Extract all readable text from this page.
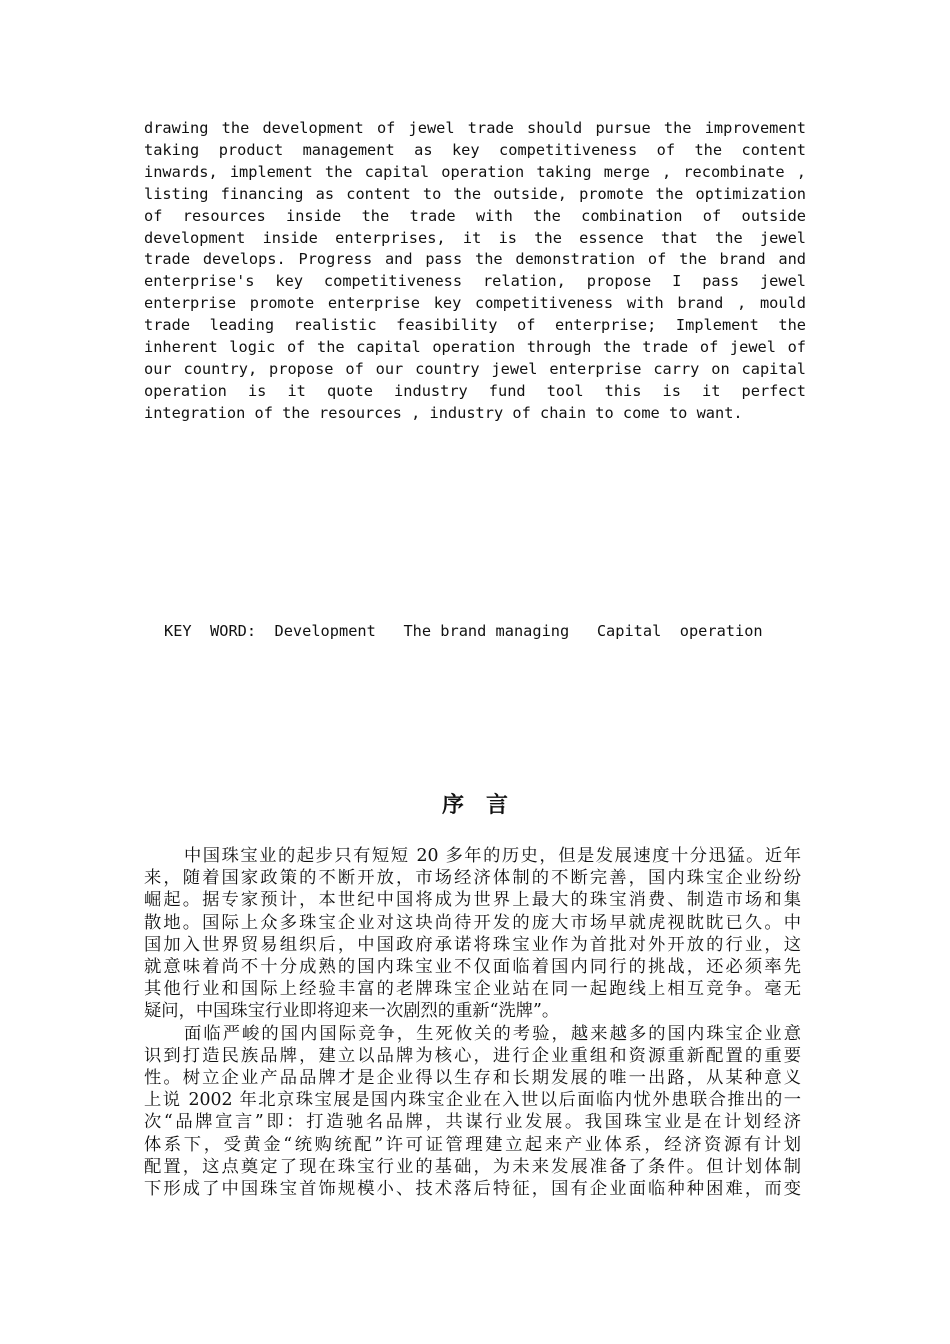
drawing the development of jewel trade should pursue the improvement
taking product management as key competitiveness of the content
inwards, implement the capital operation taking merge , recombinate ,
listing financing as content to the outside, promote the optimization
of resources inside the trade with the combination of outside
development inside enterprises, it is the essence that the jewel
trade develops. Progress and pass the demonstration of the brand and
enterprise's key competitiveness relation, propose I pass jewel
enterprise promote enterprise key competitiveness with brand , mould
trade leading realistic feasibility of enterprise; Implement the
inherent logic of the capital operation through the trade of jewel of
our country, propose of our country jewel enterprise carry on capital
operation is it quote industry fund tool this is it perfect
integration of the resources , industry of chain to come to want.
KEY  WORD:  Development   The brand managing   Capital  operation
序言
中国珠宝业的起步只有短短 20 多年的历史，但是发展速度十分迅猛。近年
来，随着国家政策的不断开放，市场经济体制的不断完善，国内珠宝企业纷纷
崛起。据专家预计，本世纪中国将成为世界上最大的珠宝消费、制造市场和集
散地。国际上众多珠宝企业对这块尚待开发的庞大市场早就虎视眈眈已久。中
国加入世界贸易组织后，中国政府承诺将珠宝业作为首批对外开放的行业，这
就意味着尚不十分成熟的国内珠宝业不仅面临着国内同行的挑战，还必须率先
其他行业和国际上经验丰富的老牌珠宝企业站在同一起跑线上相互竞争。毫无
疑问，中国珠宝行业即将迎来一次剧烈的重新“洗牌”。
面临严峻的国内国际竞争，生死攸关的考验，越来越多的国内珠宝企业意
识到打造民族品牌，建立以品牌为核心，进行企业重组和资源重新配置的重要
性。树立企业产品品牌才是企业得以生存和长期发展的唯一出路，从某种意义
上说 2002 年北京珠宝展是国内珠宝企业在入世以后面临内忧外患联合推出的一
次“品牌宣言”即：打造驰名品牌，共谋行业发展。我国珠宝业是在计划经济
体系下，受黄金“统购统配”许可证管理建立起来产业体系，经济资源有计划
配置，这点奠定了现在珠宝行业的基础，为未来发展准备了条件。但计划体制
下形成了中国珠宝首饰规模小、技术落后特征，国有企业面临种种困难，而变
